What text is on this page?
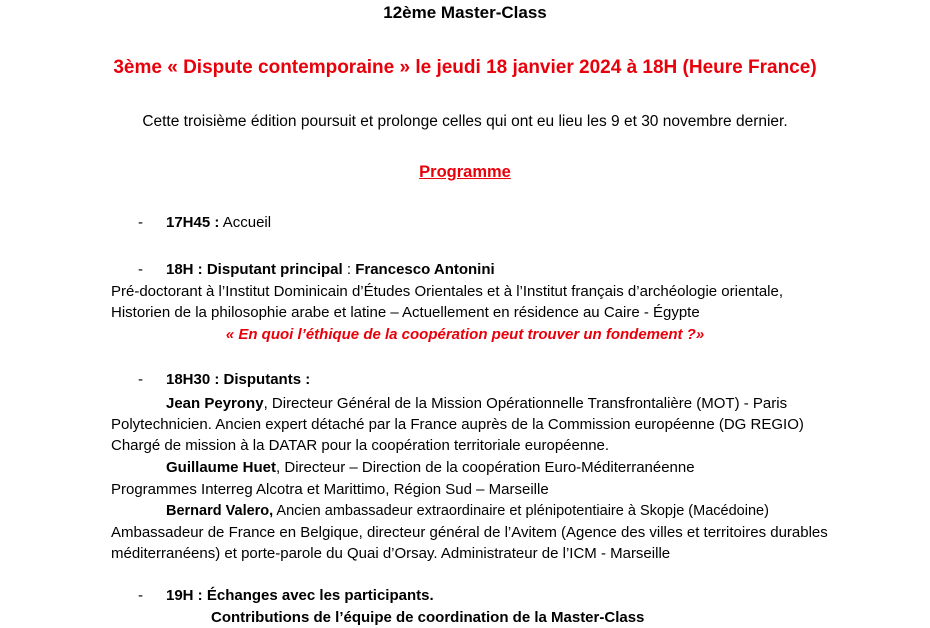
12ème Master-Class
3ème « Dispute contemporaine » le jeudi 18 janvier 2024 à 18H (Heure France)
Cette troisième édition poursuit et prolonge celles qui ont eu lieu les 9 et 30 novembre dernier.
Programme
- 17H45 : Accueil
- 18H : Disputant principal : Francesco Antonini
Pré-doctorant à l’Institut Dominicain d’Études Orientales et à l’Institut français d’archéologie orientale,
Historien de la philosophie arabe et latine – Actuellement en résidence au Caire - Égypte
« En quoi l’éthique de la coopération peut trouver un fondement ?»
- 18H30 : Disputants :
Jean Peyrony, Directeur Général de la Mission Opérationnelle Transfrontalière (MOT) - Paris
Polytechnicien. Ancien expert détaché par la France auprès de la Commission européenne (DG REGIO)
Chargé de mission à la DATAR pour la coopération territoriale européenne.
Guillaume Huet, Directeur – Direction de la coopération Euro-Méditerranéenne
Programmes Interreg Alcotra et Marittimo, Région Sud – Marseille
Bernard Valero, Ancien ambassadeur extraordinaire et plénipotentiaire à Skopje (Macédoine)
Ambassadeur de France en Belgique, directeur général de l’Avitem (Agence des villes et territoires durables
méditerranéens) et porte-parole du Quai d’Orsay. Administrateur de l’ICM - Marseille
- 19H : Échanges avec les participants.
Contributions de l’équipe de coordination de la Master-Class
